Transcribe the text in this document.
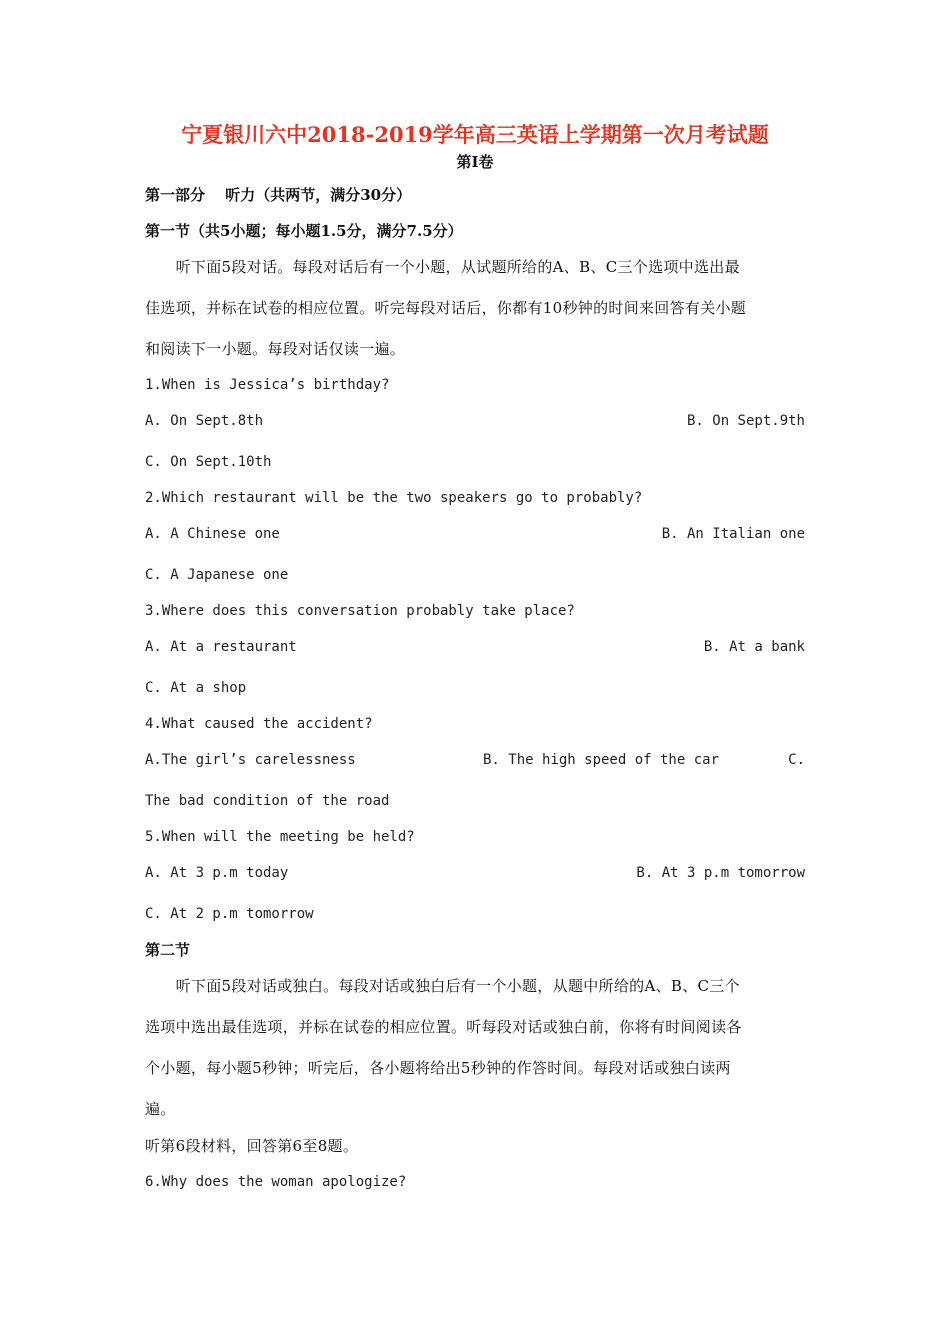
宁夏银川六中2018-2019学年高三英语上学期第一次月考试题
第Ⅰ卷
第一部分　 听力（共两节，满分30分）
第一节（共5小题；每小题1.5分，满分7.5分）
　　听下面5段对话。每段对话后有一个小题，从试题所给的A、B、C三个选项中选出最
佳选项，并标在试卷的相应位置。听完每段对话后，你都有10秒钟的时间来回答有关小题
和阅读下一小题。每段对话仅读一遍。
1.When is Jessica’s birthday?
A. On Sept.8th	B. On Sept.9th
C. On Sept.10th
2.Which restaurant will be the two speakers go to probably?
A. A Chinese one	B. An Italian one
C. A Japanese one
3.Where does this conversation probably take place?
A. At a restaurant	B. At a bank
C. At a shop
4.What caused the accident?
A.The girl’s carelessness	B. The high speed of the car	C.
The bad condition of the road
5.When will the meeting be held?
A. At 3 p.m today	B. At 3 p.m tomorrow
C. At 2 p.m tomorrow
第二节
　　听下面5段对话或独白。每段对话或独白后有一个小题，从题中所给的A、B、C三个
选项中选出最佳选项，并标在试卷的相应位置。听每段对话或独白前，你将有时间阅读各
个小题，每小题5秒钟；听完后，各小题将给出5秒钟的作答时间。每段对话或独白读两
遍。
听第6段材料，回答第6至8题。
6.Why does the woman apologize?
